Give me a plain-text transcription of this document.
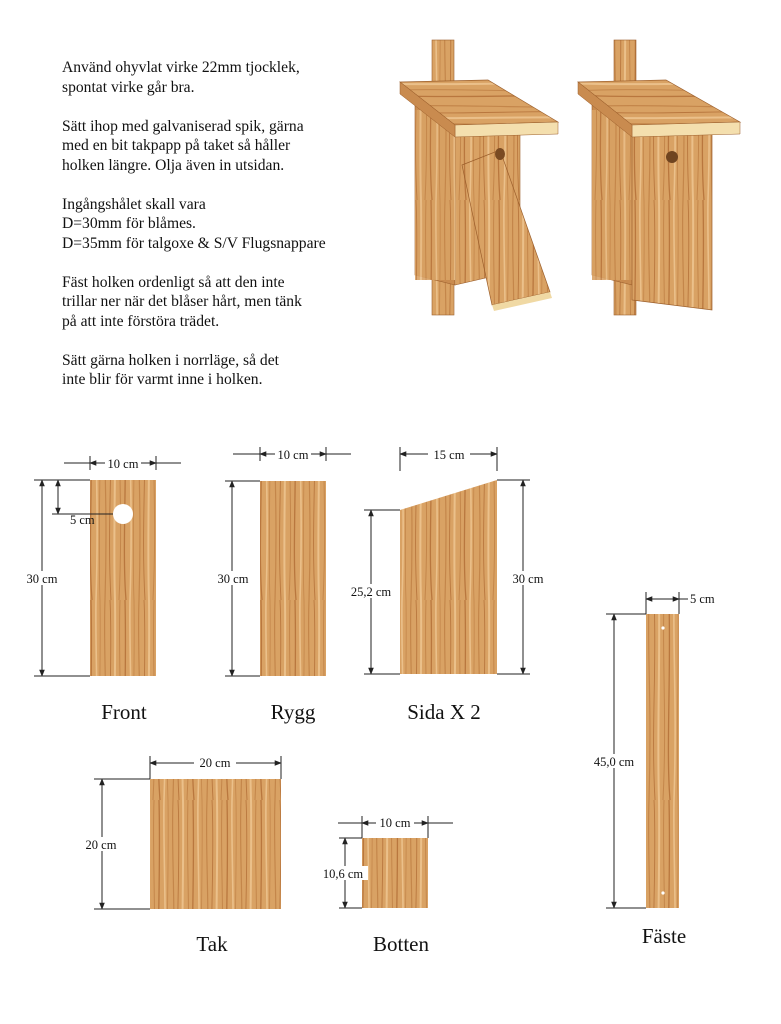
Använd ohyvlat virke 22mm tjocklek,
spontat virke går bra.

Sätt ihop med galvaniserad spik, gärna
med en bit takpapp på taket så håller
holken längre. Olja även in utsidan.

Ingångshålet skall vara
D=30mm för blåmes.
D=35mm för talgoxe & S/V Flugsnappare

Fäst holken ordenligt så att den inte
trillar ner när det blåser hårt, men tänk
på att inte förstöra trädet.

Sätt gärna holken i norrläge, så det
inte blir för varmt inne i holken.

10 cm
30 cm
5 cm
Front
10 cm
30 cm
Rygg
15 cm
25,2 cm
30 cm
Sida X 2
20 cm
20 cm
Tak
10 cm
10,6 cm
Botten
5 cm
45,0 cm
Fäste
